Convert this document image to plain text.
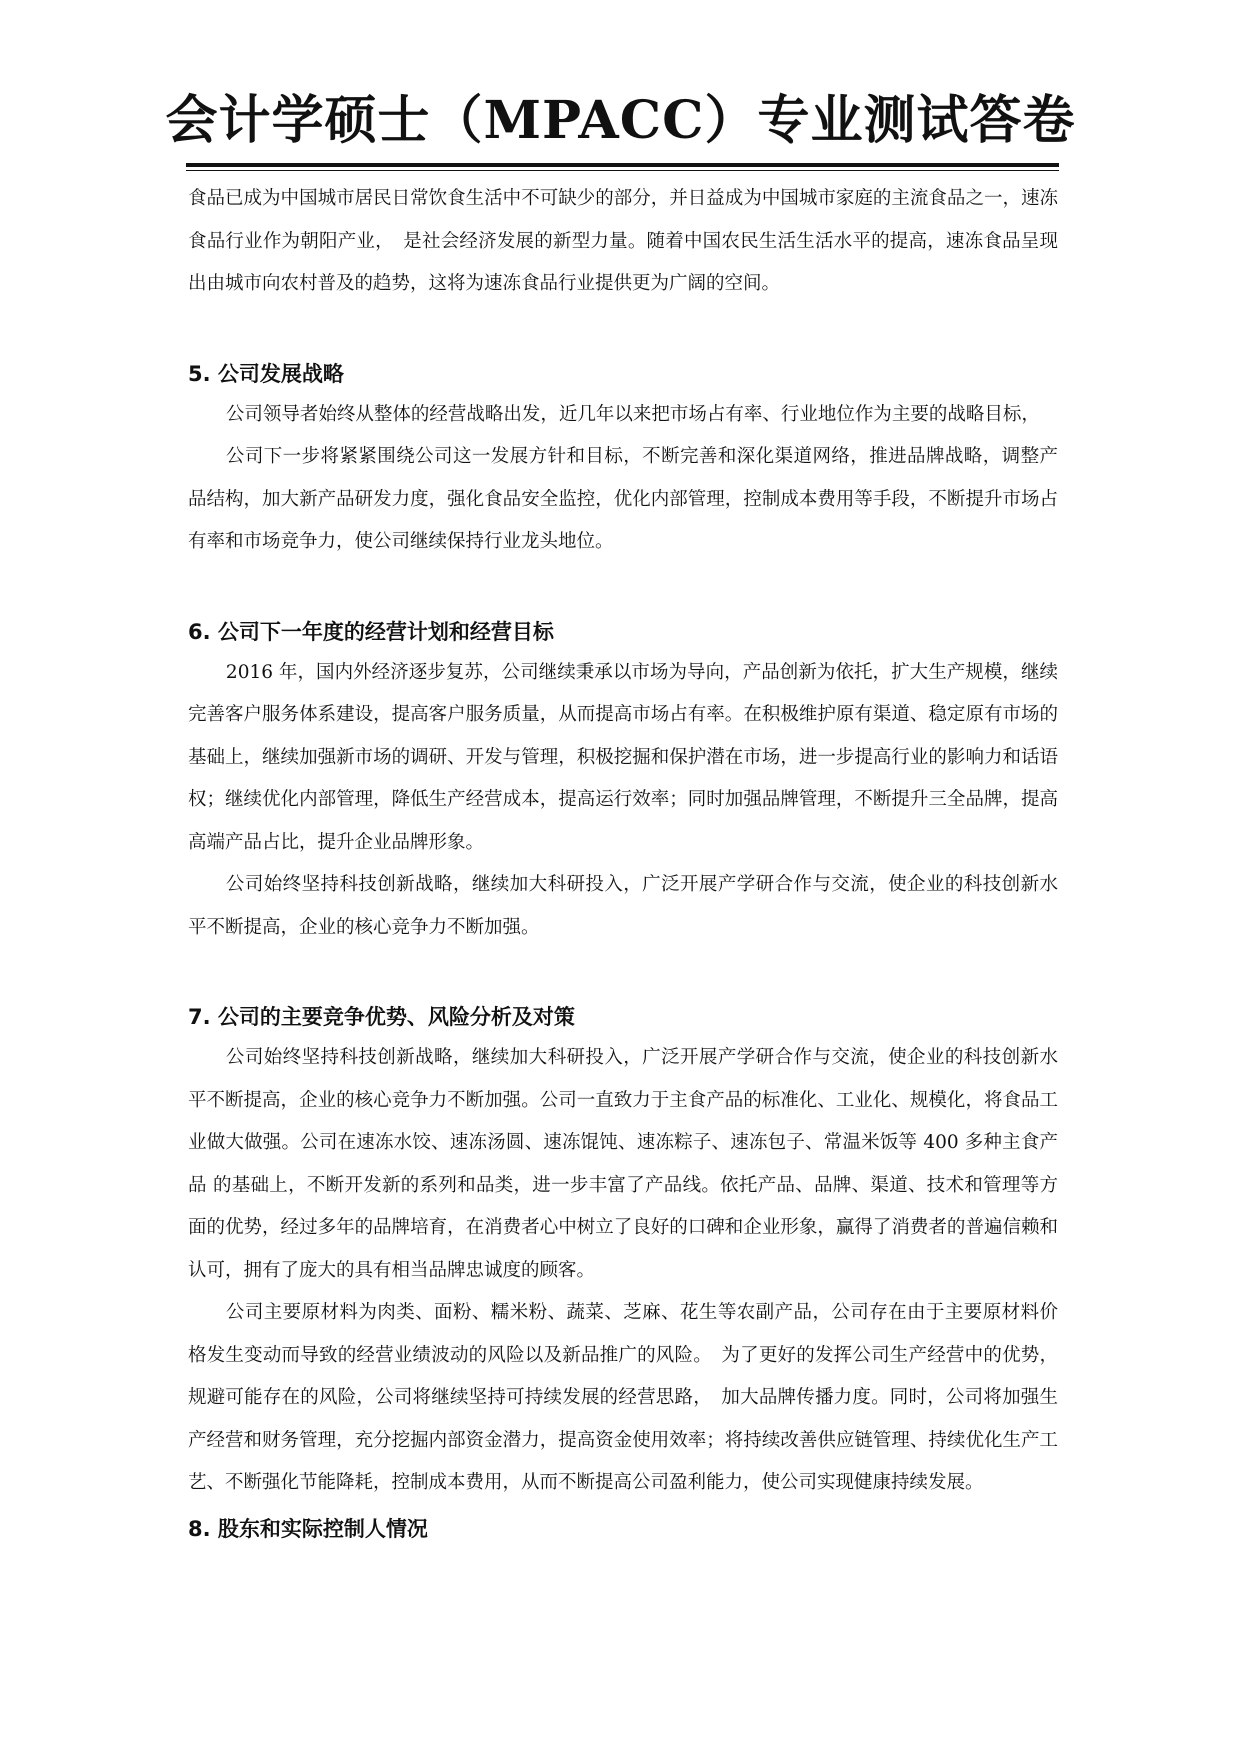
会计学硕士（MPACC）专业测试答卷

食品已成为中国城市居民日常饮食生活中不可缺少的部分，并日益成为中国城市家庭的主流食品之一，速冻食品行业作为朝阳产业，　是社会经济发展的新型力量。随着中国农民生活生活水平的提高，速冻食品呈现出由城市向农村普及的趋势，这将为速冻食品行业提供更为广阔的空间。

5. 公司发展战略

公司领导者始终从整体的经营战略出发，近几年以来把市场占有率、行业地位作为主要的战略目标，

公司下一步将紧紧围绕公司这一发展方针和目标，不断完善和深化渠道网络，推进品牌战略，调整产品结构，加大新产品研发力度，强化食品安全监控，优化内部管理，控制成本费用等手段，不断提升市场占有率和市场竞争力，使公司继续保持行业龙头地位。

6. 公司下一年度的经营计划和经营目标

2016 年，国内外经济逐步复苏，公司继续秉承以市场为导向，产品创新为依托，扩大生产规模，继续完善客户服务体系建设，提高客户服务质量，从而提高市场占有率。在积极维护原有渠道、稳定原有市场的基础上，继续加强新市场的调研、开发与管理，积极挖掘和保护潜在市场，进一步提高行业的影响力和话语权；继续优化内部管理，降低生产经营成本，提高运行效率；同时加强品牌管理，不断提升三全品牌，提高高端产品占比，提升企业品牌形象。

公司始终坚持科技创新战略，继续加大科研投入，广泛开展产学研合作与交流，使企业的科技创新水平不断提高，企业的核心竞争力不断加强。

7. 公司的主要竞争优势、风险分析及对策

公司始终坚持科技创新战略，继续加大科研投入，广泛开展产学研合作与交流，使企业的科技创新水平不断提高，企业的核心竞争力不断加强。公司一直致力于主食产品的标准化、工业化、规模化，将食品工业做大做强。公司在速冻水饺、速冻汤圆、速冻馄饨、速冻粽子、速冻包子、常温米饭等 400 多种主食产品 的基础上，不断开发新的系列和品类，进一步丰富了产品线。依托产品、品牌、渠道、技术和管理等方面的优势，经过多年的品牌培育，在消费者心中树立了良好的口碑和企业形象，赢得了消费者的普遍信赖和认可，拥有了庞大的具有相当品牌忠诚度的顾客。

公司主要原材料为肉类、面粉、糯米粉、蔬菜、芝麻、花生等农副产品，公司存在由于主要原材料价　格发生变动而导致的经营业绩波动的风险以及新品推广的风险。　为了更好的发挥公司生产经营中的优势，规避可能存在的风险，公司将继续坚持可持续发展的经营思路，　加大品牌传播力度。同时，公司将加强生产经营和财务管理，充分挖掘内部资金潜力，提高资金使用效率；将持续改善供应链管理、持续优化生产工艺、不断强化节能降耗，控制成本费用，从而不断提高公司盈利能力，使公司实现健康持续发展。

8. 股东和实际控制人情况
